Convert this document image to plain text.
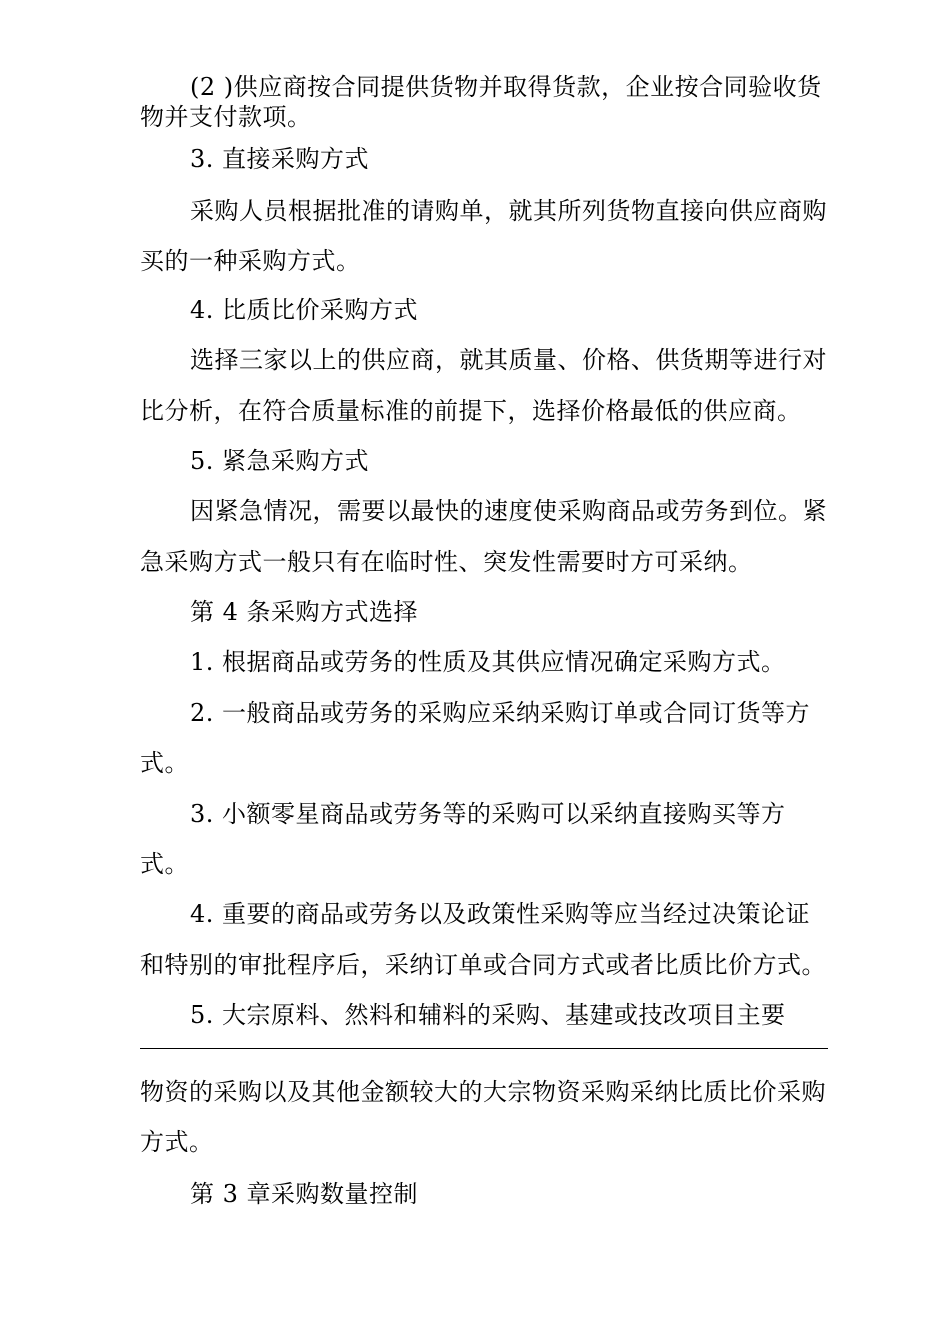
(2 )供应商按合同提供货物并取得货款，企业按合同验收货
物并支付款项。
3. 直接采购方式
采购人员根据批准的请购单，就其所列货物直接向供应商购
买的一种采购方式。
4. 比质比价采购方式
选择三家以上的供应商，就其质量、价格、供货期等进行对
比分析，在符合质量标准的前提下，选择价格最低的供应商。
5. 紧急采购方式
因紧急情况，需要以最快的速度使采购商品或劳务到位。紧
急采购方式一般只有在临时性、突发性需要时方可采纳。
第 4 条采购方式选择
1. 根据商品或劳务的性质及其供应情况确定采购方式。
2. 一般商品或劳务的采购应采纳采购订单或合同订货等方
式。
3. 小额零星商品或劳务等的采购可以采纳直接购买等方
式。
4. 重要的商品或劳务以及政策性采购等应当经过决策论证
和特别的审批程序后，采纳订单或合同方式或者比质比价方式。
5. 大宗原料、然料和辅料的采购、基建或技改项目主要
物资的采购以及其他金额较大的大宗物资采购采纳比质比价采购
方式。
第 3 章采购数量控制
